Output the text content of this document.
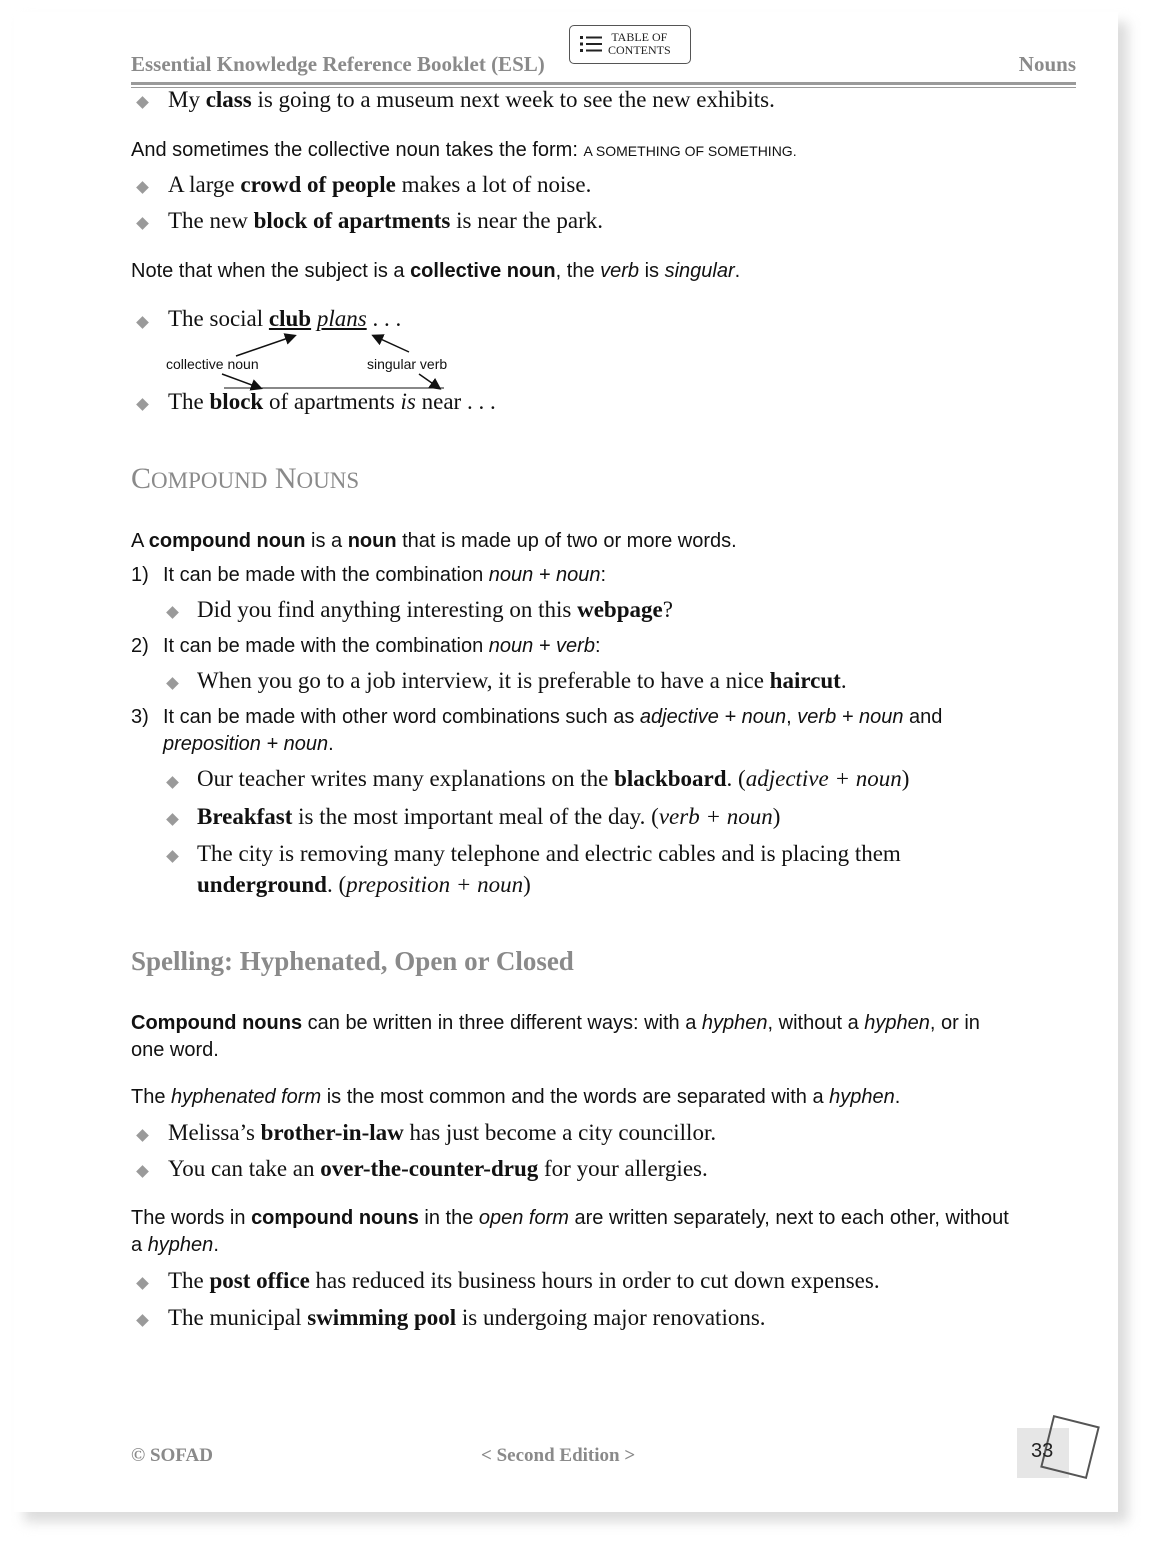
Essential Knowledge Reference Booklet (ESL)
TABLE OF
CONTENTS
Nouns
My class is going to a museum next week to see the new exhibits.
And sometimes the collective noun takes the form: A SOMETHING OF SOMETHING.
A large crowd of people makes a lot of noise.
The new block of apartments is near the park.
Note that when the subject is a collective noun, the verb is singular.
The social club plans . . .
collective noun	singular verb
The block of apartments is near . . .
COMPOUND NOUNS
A compound noun is a noun that is made up of two or more words.
1) It can be made with the combination noun + noun:
Did you find anything interesting on this webpage?
2) It can be made with the combination noun + verb:
When you go to a job interview, it is preferable to have a nice haircut.
3) It can be made with other word combinations such as adjective + noun, verb + noun and
preposition + noun.
Our teacher writes many explanations on the blackboard. (adjective + noun)
Breakfast is the most important meal of the day. (verb + noun)
The city is removing many telephone and electric cables and is placing them
underground. (preposition + noun)
Spelling: Hyphenated, Open or Closed
Compound nouns can be written in three different ways: with a hyphen, without a hyphen, or in
one word.
The hyphenated form is the most common and the words are separated with a hyphen.
Melissa’s brother-in-law has just become a city councillor.
You can take an over-the-counter-drug for your allergies.
The words in compound nouns in the open form are written separately, next to each other, without
a hyphen.
The post office has reduced its business hours in order to cut down expenses.
The municipal swimming pool is undergoing major renovations.
© SOFAD	< Second Edition >	33
